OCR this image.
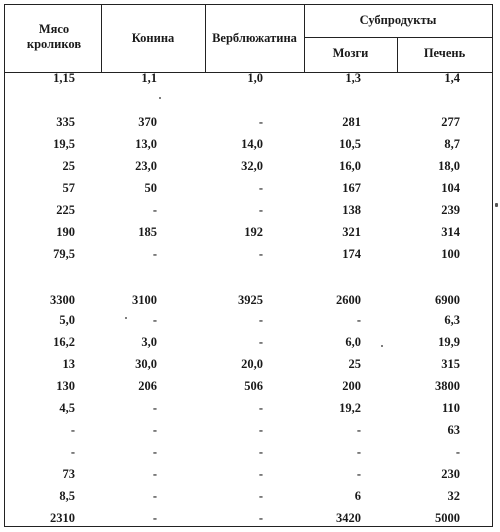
Мясо кроликов	Конина	Верблюжатина
Субпродукты
Мозги	Печень
1,15	1,1	1,0	1,3	1,4
335	370	-	281	277
19,5	13,0	14,0	10,5	8,7
25	23,0	32,0	16,0	18,0
57	50	-	167	104
225	-	-	138	239
190	185	192	321	314
79,5	-	-	174	100
3300	3100	3925	2600	6900
5,0	-	-	-	6,3
16,2	3,0	-	6,0	19,9
13	30,0	20,0	25	315
130	206	506	200	3800
4,5	-	-	19,2	110
-	-	-	-	63
-	-	-	-	-
73	-	-	-	230
8,5	-	-	6	32
2310	-	-	3420	5000
